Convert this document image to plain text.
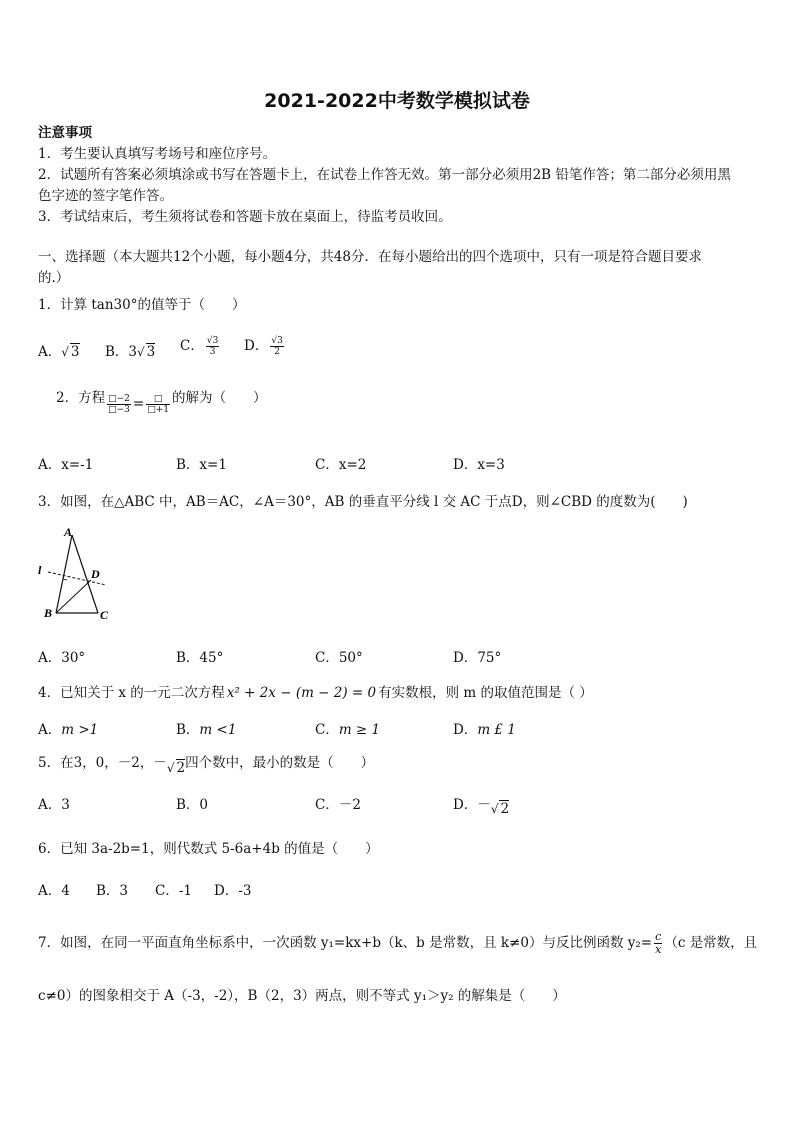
2021-2022中考数学模拟试卷
注意事项
1．考生要认真填写考场号和座位序号。
2．试题所有答案必须填涂或书写在答题卡上，在试卷上作答无效。第一部分必须用2B 铅笔作答；第二部分必须用黑
色字迹的签字笔作答。
3．考试结束后，考生须将试卷和答题卡放在桌面上，待监考员收回。
一、选择题（本大题共12个小题，每小题4分，共48分．在每小题给出的四个选项中，只有一项是符合题目要求
的.）
1．计算 tan30°的值等于（　　）
A．√ 3 B．3√ 3 C． $\frac{√3}{3}$ D． $\frac{√3}{2}$
2．方程 $\frac{□-2}{□-3} = \frac{□}{□+1}$ 的解为（　　）
A．x=-1	B．x=1	C．x=2	D．x=3
3．如图，在△ABC 中，AB＝AC，∠A＝30°，AB 的垂直平分线 l 交 AC 于点D，则∠CBD 的度数为(　　)
A
B	C
D
l
A．30°	B．45°	C．50°	D．75°
4．已知关于 x 的一元二次方程 x² + 2x − (m − 2) = 0 有实数根，则 m 的取值范围是（ ）
A．m >1	B．m <1	C．m ≥ 1	D．m £ 1
5．在3，0，－2，－√ 2四个数中，最小的数是（　　）
A．3	B．0	C．－2	D．－√ 2
6．已知 3a-2b=1，则代数式 5-6a+4b 的值是（　　）
A．4 B．3 C．-1 D．-3
7．如图，在同一平面直角坐标系中，一次函数 y₁=kx+b（k、b 是常数，且 k≠0）与反比例函数 $y_2= \frac{c}{x} (c$ 是常数，且
c≠0）的图象相交于 A（-3，-2），B（2，3）两点，则不等式 y₁＞y₂ 的解集是（　　）
